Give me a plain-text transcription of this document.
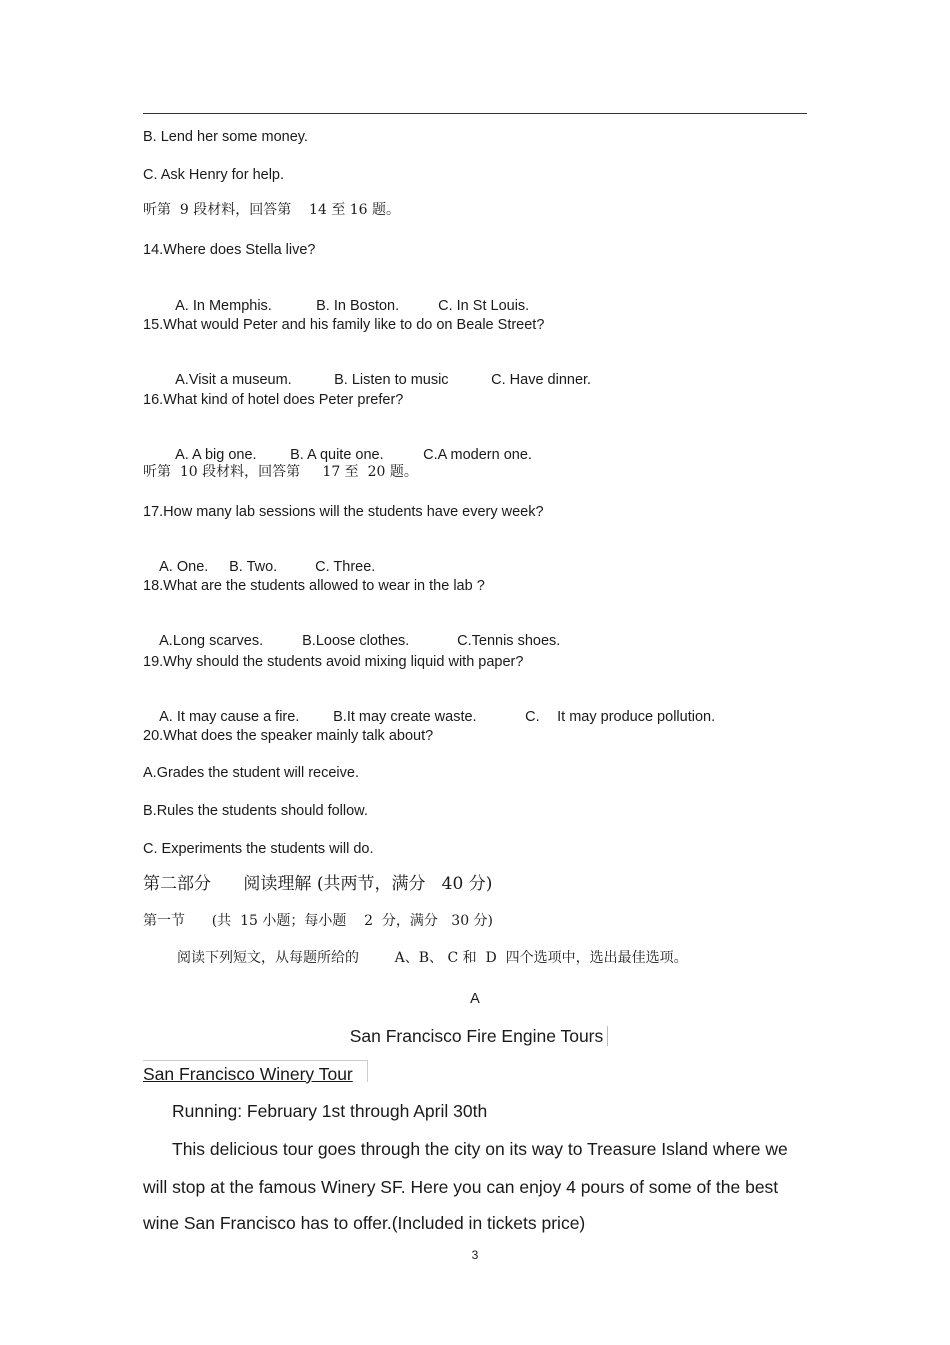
B. Lend her some money.
C. Ask Henry for help.
听第  9 段材料，回答第    14 至 16 题。
14.Where does Stella live?

A. In Memphis.	B. In Boston.	C. In St Louis.

15.What would Peter and his family like to do on Beale Street?

A.Visit a museum.	B. Listen to music	C. Have dinner.

16.What kind of hotel does Peter prefer?

A. A big one. B. A quite one.	C.A modern one.

听第  10 段材料，回答第     17 至  20 题。
17.How many lab sessions will the students have every week?

A. One. B. Two.	C. Three.

18.What are the students allowed to wear in the lab ?

A.Long scarves.	B.Loose clothes.	C.Tennis shoes.

19.Why should the students avoid mixing liquid with paper?

A. It may cause a fire. B.It may create waste.	C. It may produce pollution.

20.What does the speaker mainly talk about?
A.Grades the student will receive.
B.Rules the students should follow.
C. Experiments the students will do.
第二部分      阅读理解 (共两节，满分   40 分)
第一节      (共  15 小题；每小题    2  分，满分   30 分)
阅读下列短文，从每题所给的        A、B、 C 和  D  四个选项中，选出最佳选项。
A
San Francisco Fire Engine Tours
San Francisco Winery Tour
Running: February 1st through April 30th
This delicious tour goes through the city on its way to Treasure Island where we
will stop at the famous Winery SF. Here you can enjoy 4 pours of some of the best
wine San Francisco has to offer.(Included in tickets price)
3
